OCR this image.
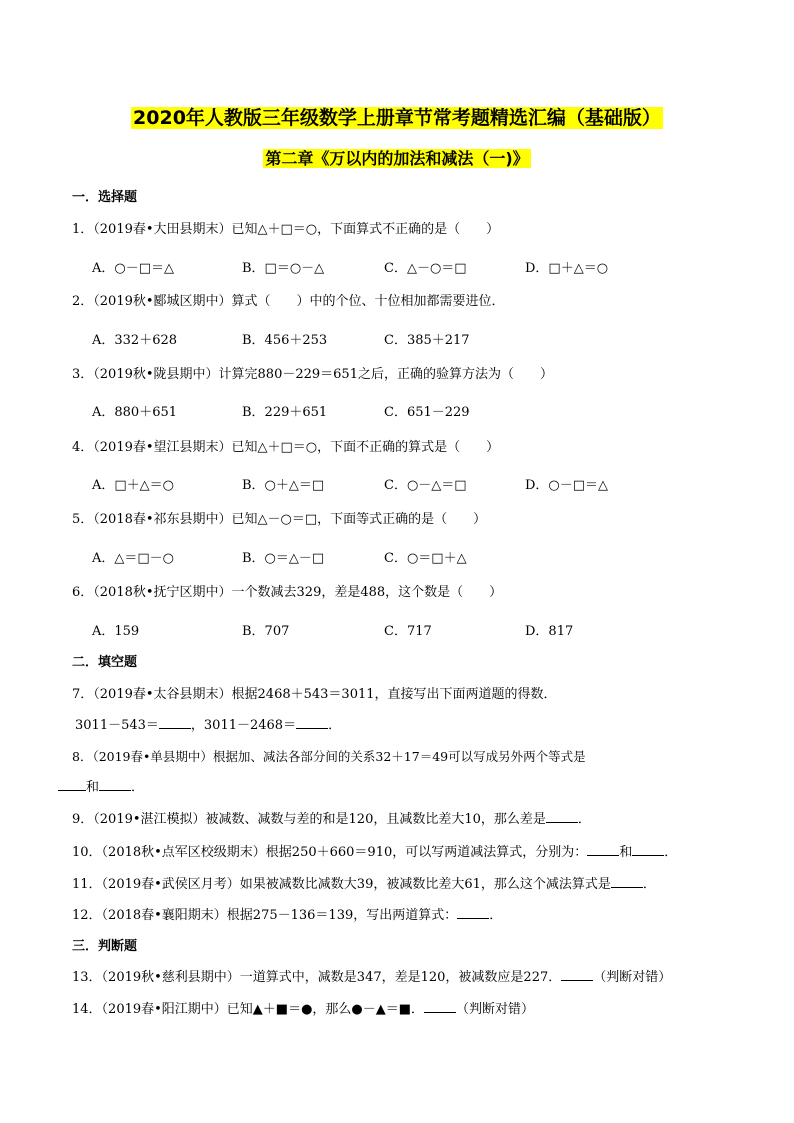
2020年人教版三年级数学上册章节常考题精选汇编（基础版）
第二章《万以内的加法和减法（一)》
一．选择题
1．（2019春•大田县期末）已知△＋□＝○，下面算式不正确的是（　　）
A．○－□＝△	B．□＝○－△	C．△－○＝□	D．□＋△＝○
2．（2019秋•郾城区期中）算式（　　）中的个位、十位相加都需要进位．
A．332＋628	B．456＋253	C．385＋217
3．（2019秋•陇县期中）计算完880－229＝651之后，正确的验算方法为（　　）
A．880＋651	B．229＋651	C．651－229
4．（2019春•望江县期末）已知△＋□＝○，下面不正确的算式是（　　）
A．□＋△＝○	B．○＋△＝□	C．○－△＝□	D．○－□＝△
5．（2018春•祁东县期中）已知△－○＝□，下面等式正确的是（　　）
A．△＝□－○	B．○＝△－□	C．○＝□＋△
6．（2018秋•抚宁区期中）一个数减去329，差是488，这个数是（　　）
A．159	B．707	C．717	D．817
二．填空题
7．（2019春•太谷县期末）根据2468＋543＝3011，直接写出下面两道题的得数．
3011－543＝ ，3011－2468＝ ．
8．（2019春•单县期中）根据加、减法各部分间的关系32＋17＝49可以写成另外两个等式是
和 ．
9．（2019•湛江模拟）被减数、减数与差的和是120，且减数比差大10，那么差是 ．
10．（2018秋•点军区校级期末）根据250＋660＝910，可以写两道减法算式，分别为： 和 ．
11．（2019春•武侯区月考）如果被减数比减数大39，被减数比差大61，那么这个减法算式是 ．
12．（2018春•襄阳期末）根据275－136＝139，写出两道算式： ．
三．判断题
13．（2019秋•慈利县期中）一道算式中，减数是347，差是120，被减数应是227． （判断对错）
14．（2019春•阳江期中）已知▲＋■＝●，那么●－▲＝■． （判断对错）
